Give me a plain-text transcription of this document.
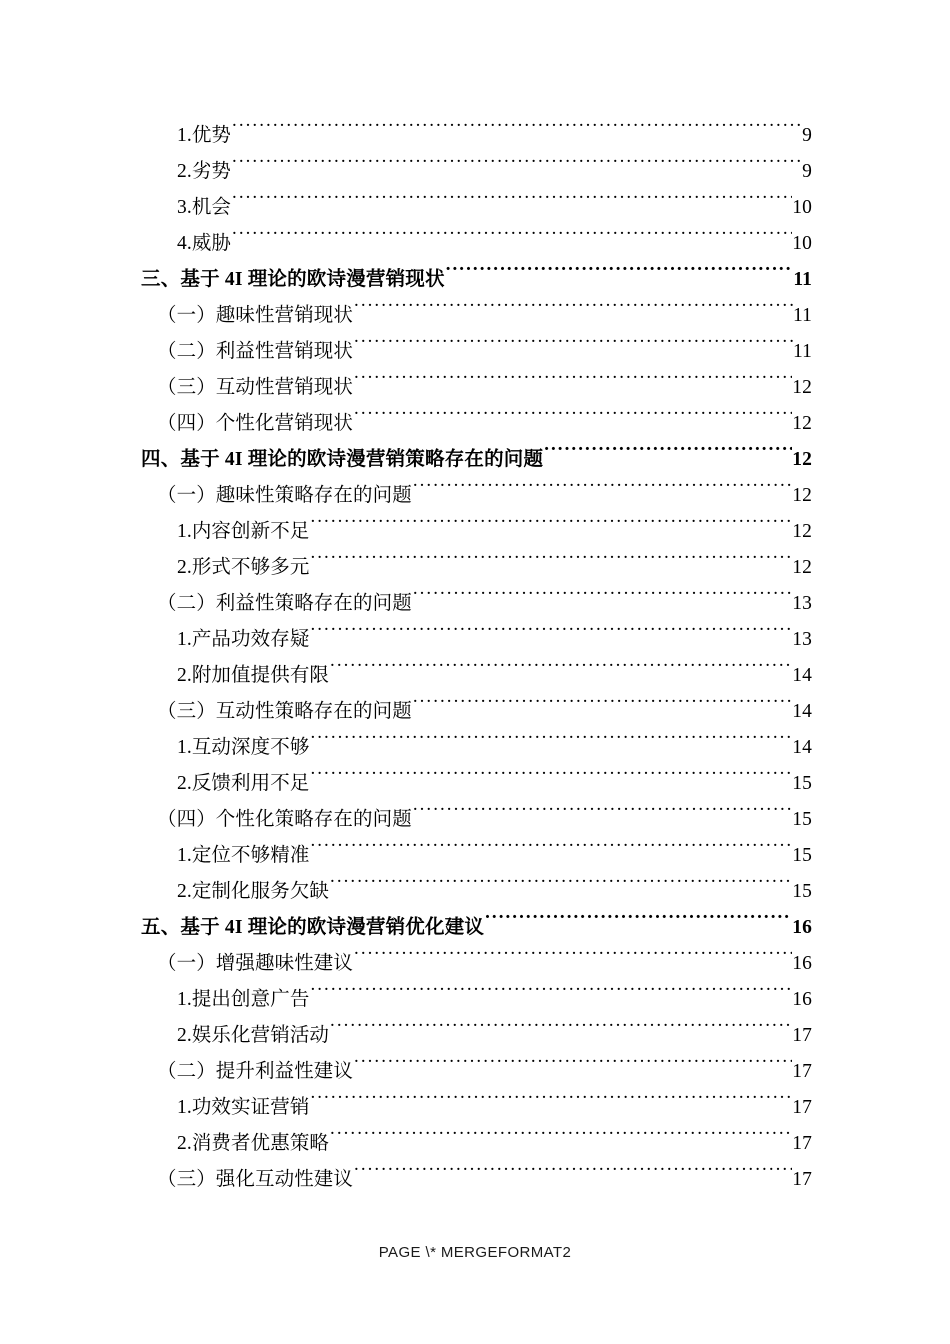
1.优势 .....	9
2.劣势 .....	9
3.机会 .....	10
4.威胁 .....	10
三、基于 4I 理论的欧诗漫营销现状 .....	11
（一）趣味性营销现状 .....	11
（二）利益性营销现状 .....	11
（三）互动性营销现状 .....	12
（四）个性化营销现状 .....	12
四、基于 4I 理论的欧诗漫营销策略存在的问题 .....	12
（一）趣味性策略存在的问题 .....	12
1.内容创新不足 .....	12
2.形式不够多元 .....	12
（二）利益性策略存在的问题 .....	13
1.产品功效存疑 .....	13
2.附加值提供有限 .....	14
（三）互动性策略存在的问题 .....	14
1.互动深度不够 .....	14
2.反馈利用不足 .....	15
（四）个性化策略存在的问题 .....	15
1.定位不够精准 .....	15
2.定制化服务欠缺 .....	15
五、基于 4I 理论的欧诗漫营销优化建议 .....	16
（一）增强趣味性建议 .....	16
1.提出创意广告 .....	16
2.娱乐化营销活动 .....	17
（二）提升利益性建议 .....	17
1.功效实证营销 .....	17
2.消费者优惠策略 .....	17
（三）强化互动性建议 .....	17
PAGE \* MERGEFORMAT2
